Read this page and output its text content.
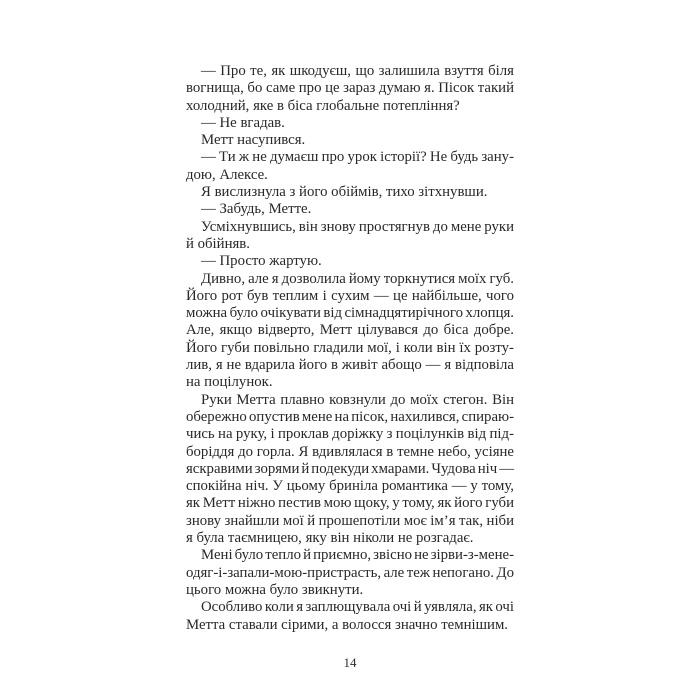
— Про те, як шкодуєш, що залишила взуття біля
вогнища, бо саме про це зараз думаю я. Пісок такий
холодний, яке в біса глобальне потепління?
— Не вгадав.
Метт насупився.
— Ти ж не думаєш про урок історії? Не будь зану-
дою, Алексе.
Я вислизнула з його обіймів, тихо зітхнувши.
— Забудь, Метте.
Усміхнувшись, він знову простягнув до мене руки
й обійняв.
— Просто жартую.
Дивно, але я дозволила йому торкнутися моїх губ.
Його рот був теплим і сухим — це найбільше, чого
можна було очікувати від сімнадцятирічного хлопця.
Але, якщо відверто, Метт цілувався до біса добре.
Його губи повільно гладили мої, і коли він їх розту-
лив, я не вдарила його в живіт абощо — я відповіла
на поцілунок.
Руки Метта плавно ковзнули до моїх стегон. Він
обережно опустив мене на пісок, нахилився, спираю-
чись на руку, і проклав доріжку з поцілунків від під-
боріддя до горла. Я вдивлялася в темне небо, усіяне
яскравими зорями й подекуди хмарами. Чудова ніч —
спокійна ніч. У цьому бриніла романтика — у тому,
як Метт ніжно пестив мою щоку, у тому, як його губи
знову знайшли мої й прошепотіли моє ім’я так, ніби
я була таємницею, яку він ніколи не розгадає.
Мені було тепло й приємно, звісно не зірви-з-мене-
одяг-і-запали-мою-пристрасть, але теж непогано. До
цього можна було звикнути.
Особливо коли я заплющувала очі й уявляла, як очі
Метта ставали сірими, а волосся значно темнішим.
14
